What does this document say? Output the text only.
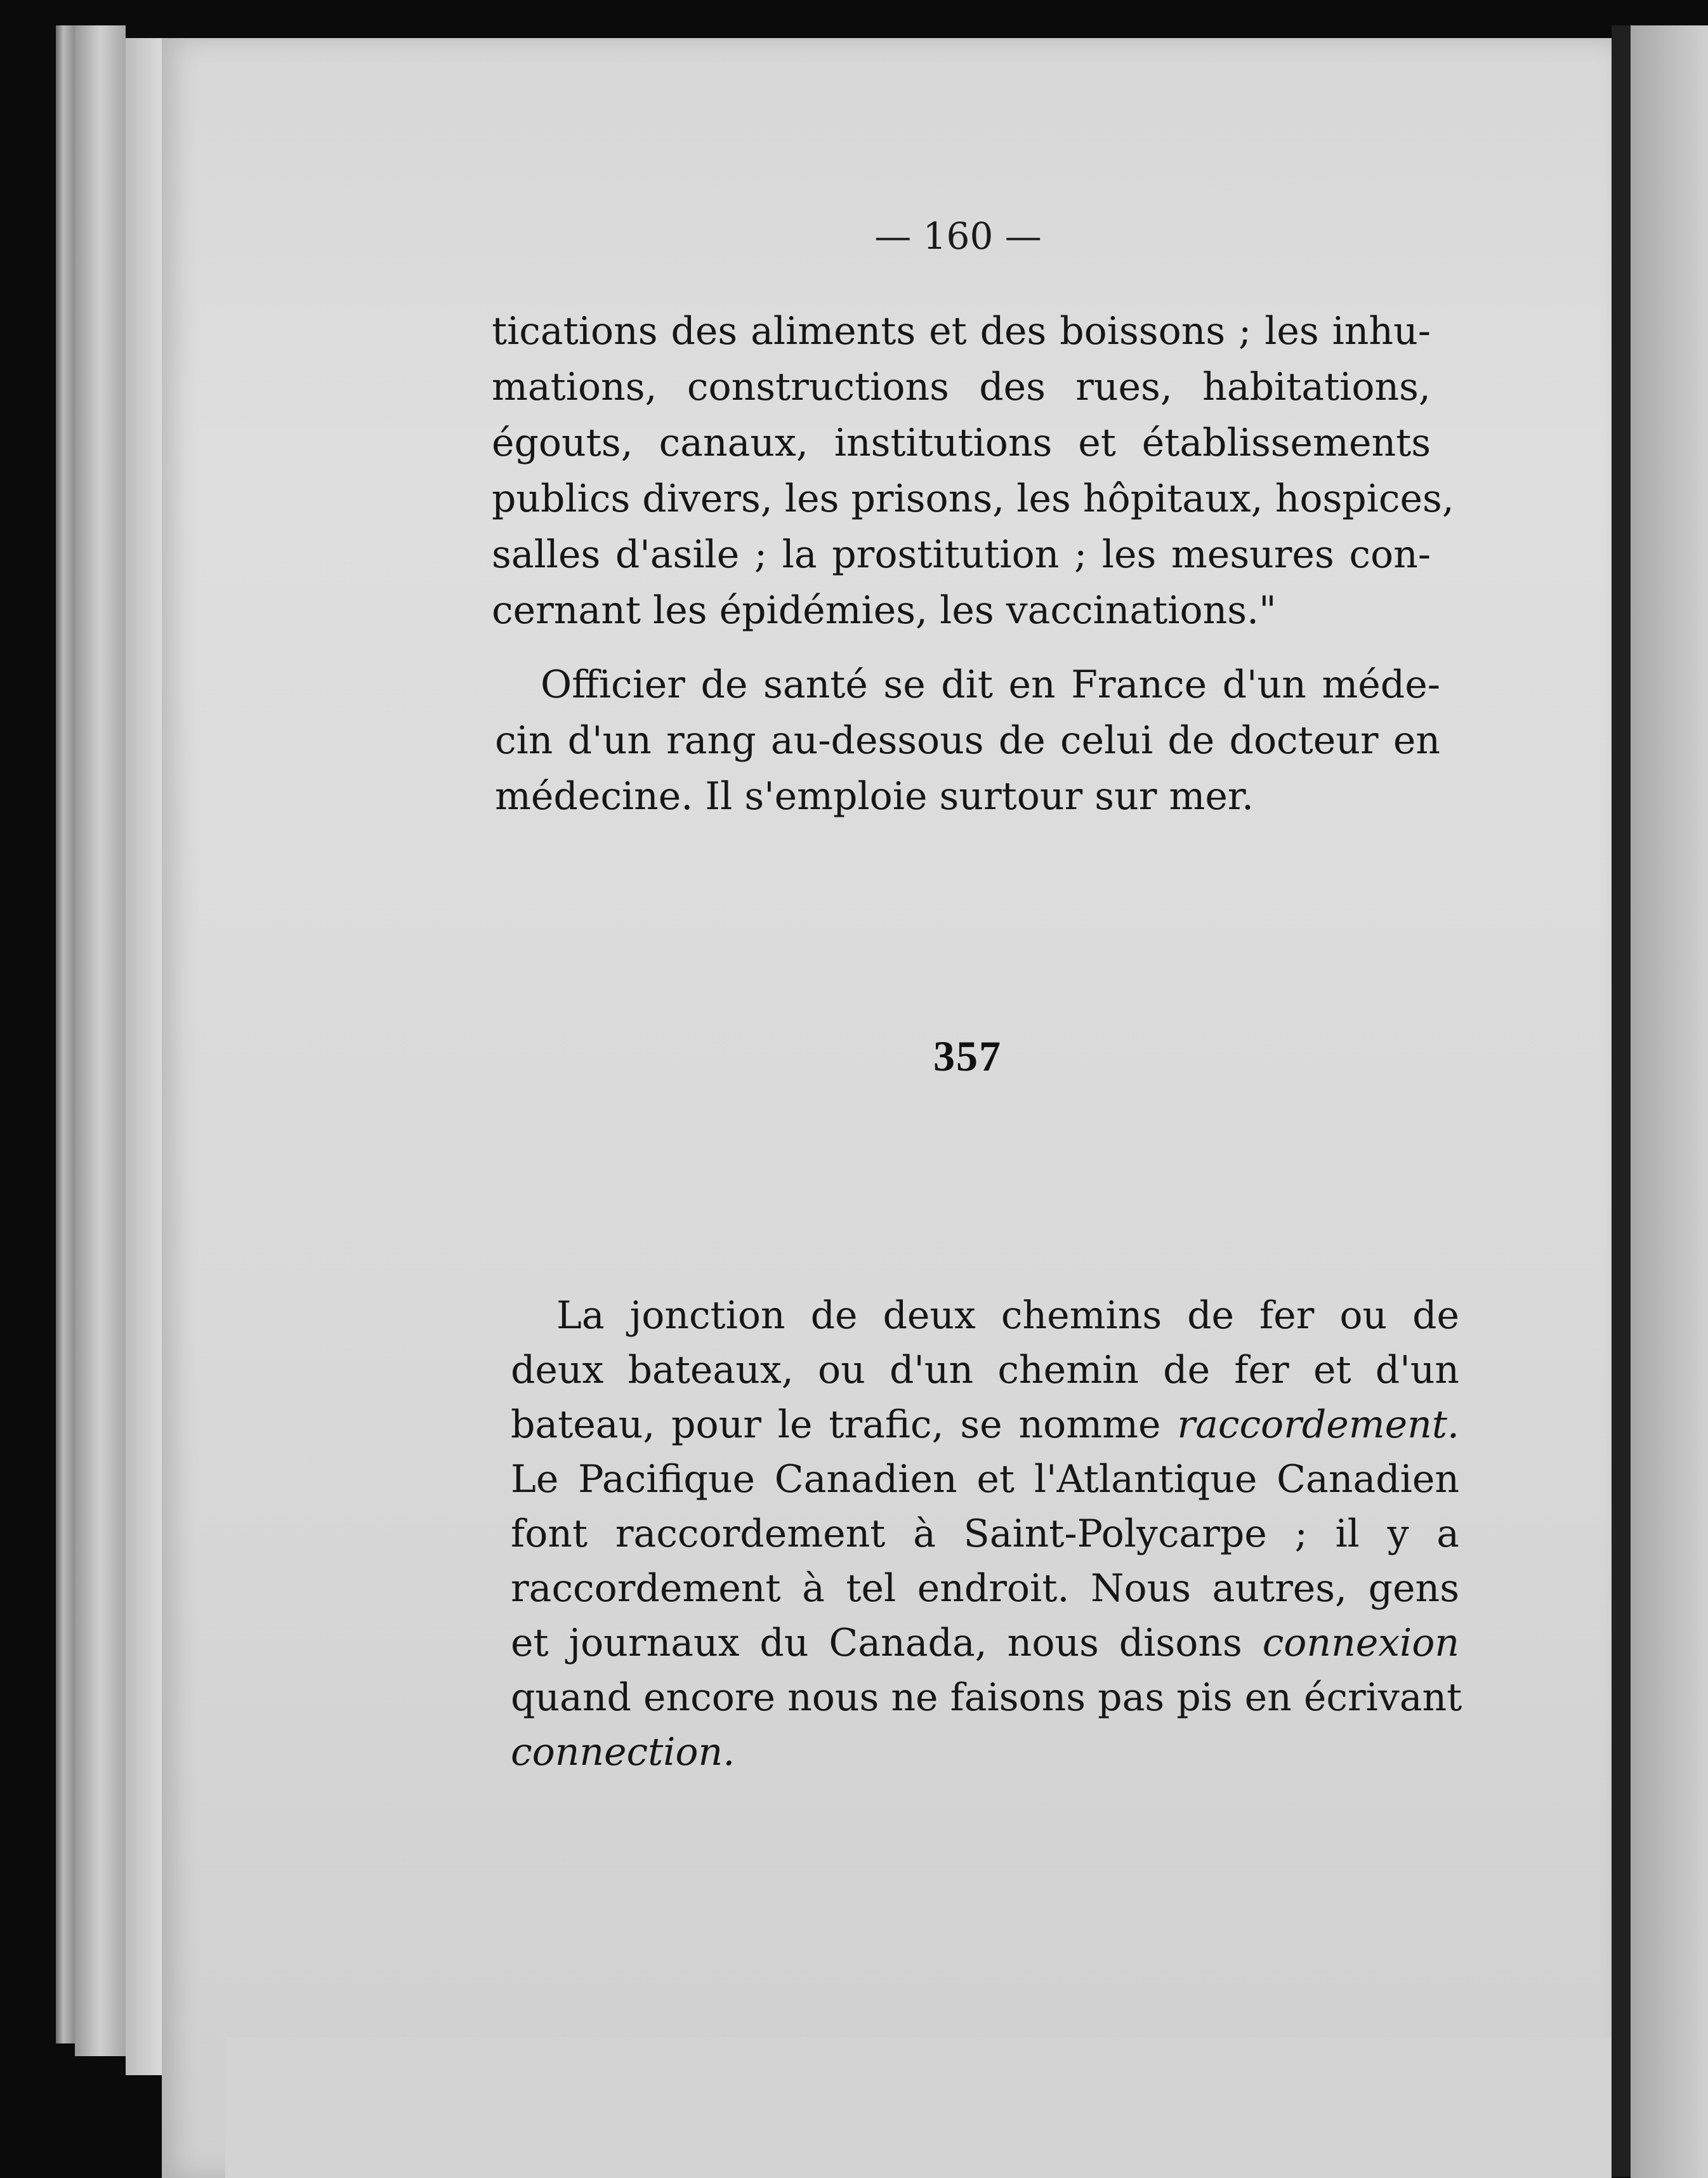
— 160 —
tications des aliments et des boissons ; les inhu-
mations, constructions des rues, habitations,
égouts, canaux, institutions et établissements
publics divers, les prisons, les hôpitaux, hospices,
salles d'asile ; la prostitution ; les mesures con-
cernant les épidémies, les vaccinations."
Officier de santé se dit en France d'un méde-
cin d'un rang au-dessous de celui de docteur en
médecine. Il s'emploie surtour sur mer.
357
La jonction de deux chemins de fer ou de
deux bateaux, ou d'un chemin de fer et d'un
bateau, pour le trafic, se nomme raccordement.
Le Pacifique Canadien et l'Atlantique Canadien
font raccordement à Saint-Polycarpe ; il y a
raccordement à tel endroit. Nous autres, gens
et journaux du Canada, nous disons connexion
quand encore nous ne faisons pas pis en écrivant
connection.
